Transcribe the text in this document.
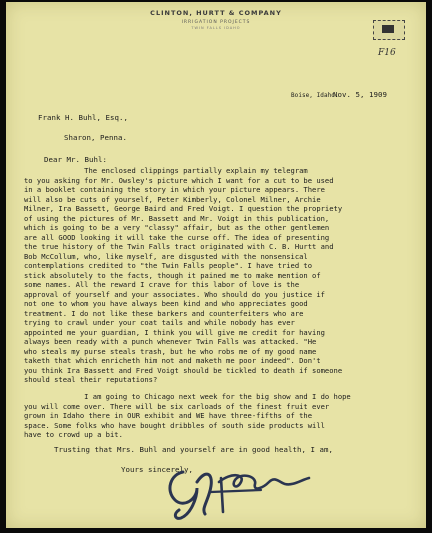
CLINTON, HURTT & COMPANY
IRRIGATION PROJECTS
TWIN FALLS IDAHO
F16
Boise, Idaho.
Nov. 5, 1909
Frank H. Buhl, Esq.,
Sharon, Penna.
Dear Mr. Buhl:
The enclosed clippings partially explain my telegram
to you asking for Mr. Owsley's picture which I want for a cut to be used
in a booklet containing the story in which your picture appears. There
will also be cuts of yourself, Peter Kimberly, Colonel Milner, Archie
Milner, Ira Bassett, George Baird and Fred Voigt. I question the propriety
of using the pictures of Mr. Bassett and Mr. Voigt in this publication,
which is going to be a very "classy" affair, but as the other gentlemen
are all GOOD looking it will take the curse off. The idea of presenting
the true history of the Twin Falls tract originated with C. B. Hurtt and
Bob McCollum, who, like myself, are disgusted with the nonsensical
contemplations credited to "the Twin Falls people". I have tried to
stick absolutely to the facts, though it pained me to make mention of
some names. All the reward I crave for this labor of love is the
approval of yourself and your associates. Who should do you justice if
not one to whom you have always been kind and who appreciates good
treatment. I do not like these barkers and counterfeiters who are
trying to crawl under your coat tails and while nobody has ever
appointed me your guardian, I think you will give me credit for having
always been ready with a punch whenever Twin Falls was attacked. "He
who steals my purse steals trash, but he who robs me of my good name
taketh that which enricheth him not and maketh me poor indeed". Don't
you think Ira Bassett and Fred Voigt should be tickled to death if someone
should steal their reputations?
I am going to Chicago next week for the big show and I do hope
you will come over. There will be six carloads of the finest fruit ever
grown in Idaho there in OUR exhibit and WE have three-fifths of the
space. Some folks who have bought dribbles of south side products will
have to crowd up a bit.
Trusting that Mrs. Buhl and yourself are in good health, I am,
Yours sincerely,
